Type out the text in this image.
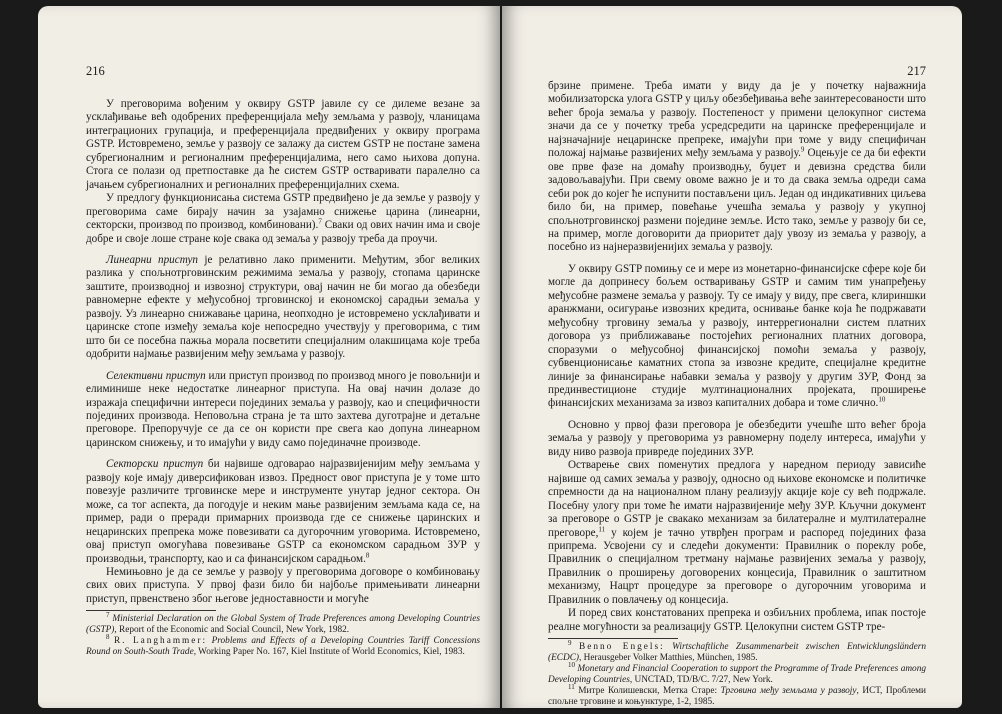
216

У преговорима вођеним у оквиру GSTP јавиле су се дилеме везане за усклађивање већ одобрених преференцијала међу земљама у развоју, чланицама интеграционих групација, и преференцијала предвиђених у оквиру програма GSTP. Истовремено, земље у развоју се залажу да систем GSTP не постане замена субрегионалним и регионалним преференцијалима, него само њихова допуна. Стога се полази од претпоставке да ће систем GSTP остваривати паралелно са јачањем субрегионалних и регионалних преференцијалних схема.

У предлогу функционисања система GSTP предвиђено је да земље у развоју у преговорима саме бирају начин за узајамно снижење царина (линеарни, секторски, производ по производ, комбиновани).$^7$ Сваки од ових начин има и своје добре и своје лоше стране које свака од земаља у развоју треба да проучи.

Линеарни приступ је релативно лако применити. Међутим, због великих разлика у спољнотрговинским режимима земаља у развоју, стопама царинске заштите, производној и извозној структури, овај начин не би могао да обезбеди равномерне ефекте у међусобној трговинској и економској сарадњи земаља у развоју. Уз линеарно снижавање царина, неопходно је истовремено усклађивати и царинске стопе између земаља које непосредно учествују у преговорима, с тим што би се посебна пажња морала посветити специјалним олакшицама које треба одобрити најмање развијеним међу земљама у развоју.

Селективни приступ или приступ производ по производ много је повољнији и елиминише неке недостатке линеарног приступа. На овај начин долазе до изражаја специфични интереси појединих земаља у развоју, као и специфичности појединих производа. Неповољна страна је та што захтева дуготрајне и детаљне преговоре. Препоручује се да се он користи пре свега као допуна линеарном царинском снижењу, и то имајући у виду само појединачне производе.

Секторски приступ би највише одговарао најразвијенијим међу земљама у развоју које имају диверсификован извоз. Предност овог приступа је у томе што повезује различите трговинске мере и инструменте унутар једног сектора. Он може, са тог аспекта, да погодује и неким мање развијеним земљама када се, на пример, ради о преради примарних производа где се снижење царинских и нецаринских препрека може повезивати са дугорочним уговорима. Истовремено, овај приступ омогућава повезивање GSTP са економском сарадњом ЗУР у производњи, транспорту, као и са финансијском сарадњом.$^8$

Немињовно је да се земље у развоју у преговорима договоре о комбиновању свих ових приступа. У првој фази било би најбоље примењивати линеарни приступ, првенствено због његове једноставности и могуће

$^7$ Ministerial Declaration on the Global System of Trade Preferences among Developing Countries (GSTP), Report of the Economic and Social Council, New York, 1982.

$^8$ R. Langhammer: Problems and Effects of a Developing Countries Tariff Concessions Round on South-South Trade, Working Paper No. 167, Kiel Institute of World Economics, Kiel, 1983.

217

брзине примене. Треба имати у виду да је у почетку најважнија мобилизаторска улога GSTP у циљу обезбеђивања веће заинтересованости што већег броја земаља у развоју. Постепеност у примени целокупног система значи да се у почетку треба усредсредити на царинске преференцијале и најзначајније нецаринске препреке, имајући при томе у виду специфичан положај најмање развијених међу земљама у развоју.$^9$ Оцењује се да би ефекти ове прве фазе на домаћу производњу, буџет и девизна средства били задовољавајући. При свему овоме важно је и то да свака земља одреди сама себи рок до којег ће испунити постављени циљ. Један од индикативних циљева било би, на пример, повећање учешћа земаља у развоју у укупној спољнотрговинској размени поједине земље. Исто тако, земље у развоју би се, на пример, могле договорити да приоритет дају увозу из земаља у развоју, а посебно из најнеразвијенијих земаља у развоју.

У оквиру GSTP помињу се и мере из монетарно-финансијске сфере које би могле да допринесу бољем остваривању GSTP и самим тим унапређењу међусобне размене земаља у развоју. Ту се имају у виду, пре свега, клириншки аранжмани, осигурање извозних кредита, оснивање банке која ће подржавати међусобну трговину земаља у развоју, интеррегионални систем платних договора уз приближавање постојећих регионалних платних договора, споразуми о међусобној финансијској помоћи земаља у развоју, субвенционисање каматних стопа за извозне кредите, специјалне кредитне линије за финансирање набавки земаља у развоју у другим ЗУР, Фонд за прединвестиционе студије мултинационалних пројеката, проширење финансијских механизама за извоз капиталних добара и томе слично.$^{10}$

Основно у првој фази преговора је обезбедити учешће што већег броја земаља у развоју у преговорима уз равномерну поделу интереса, имајући у виду ниво развоја привреде појединих ЗУР.

Остварење свих поменутих предлога у наредном периоду зависиће највише од самих земаља у развоју, односно од њихове економске и политичке спремности да на националном плану реализују акције које су већ подржале. Посебну улогу при томе ће имати најразвијеније међу ЗУР. Кључни документ за преговоре о GSTP је свакако механизам за билатералне и мултилатералне преговоре,$^{11}$ у којем је тачно утврђен програм и распоред појединих фаза припрема. Усвојени су и следећи документи: Правилник о пореклу робе, Правилник о специјалном третману најмање развијених земаља у развоју, Правилник о проширењу договорених концесија, Правилник о заштитном механизму, Нацрт процедуре за преговоре о дугорочним уговорима и Правилник о повлачењу од концесија.

И поред свих констатованих препрека и озбиљних проблема, ипак постоје реалне могућности за реализацију GSTP. Целокупни систем GSTP тре-

$^9$ Benno Engels: Wirtschaftliche Zusammenarbeit zwischen Entwicklungsländern (ECDC), Herausgeber Volker Matthies, München, 1985.

$^{10}$ Monetary and Financial Cooperation to support the Programme of Trade Preferences among Developing Countries, UNCTAD, TD/B/C. 7/27, New York.

$^{11}$ Митре Колишевски, Метка Старе: Трговина међу земљама у развоју, ИСТ, Проблеми спољне трговине и коњунктуре, 1-2, 1985.
